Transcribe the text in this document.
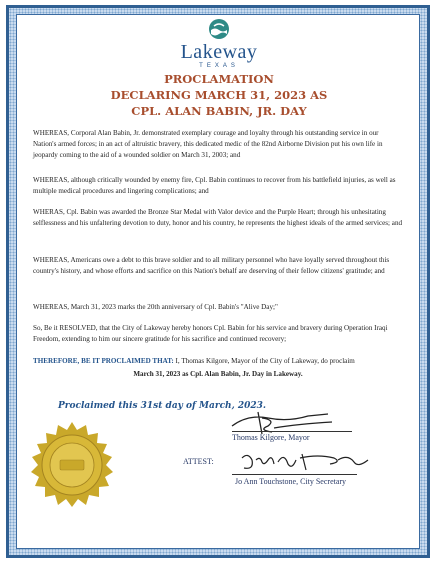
Lakeway
TEXAS
PROCLAMATION
DECLARING MARCH 31, 2023 AS
CPL. ALAN BABIN, JR. DAY

WHEREAS, Corporal Alan Babin, Jr. demonstrated exemplary courage and loyalty through his outstanding service in our Nation's armed forces; in an act of altruistic bravery, this dedicated medic of the 82nd Airborne Division put his own life in jeopardy coming to the aid of a wounded soldier on March 31, 2003; and

WHEREAS, although critically wounded by enemy fire, Cpl. Babin continues to recover from his battlefield injuries, as well as multiple medical procedures and lingering complications; and

WHERAS, Cpl. Babin was awarded the Bronze Star Medal with Valor device and the Purple Heart; through his unhesitating selflessness and his unfaltering devotion to duty, honor and his country, he represents the highest ideals of the armed services; and

WHEREAS, Americans owe a debt to this brave soldier and to all military personnel who have loyally served throughout this country's history, and whose efforts and sacrifice on this Nation's behalf are deserving of their fellow citizens' gratitude; and

WHEREAS, March 31, 2023 marks the 20th anniversary of Cpl. Babin's "Alive Day;"

So, Be it RESOLVED, that the City of Lakeway hereby honors Cpl. Babin for his service and bravery during Operation Iraqi Freedom, extending to him our sincere gratitude for his sacrifice and continued recovery;

THEREFORE, BE IT PROCLAIMED THAT: I, Thomas Kilgore, Mayor of the City of Lakeway, do proclaim

March 31, 2023 as Cpl. Alan Babin, Jr. Day in Lakeway.

Proclaimed this 31st day of March, 2023.
Thomas Kilgore, Mayor
ATTEST:
Jo Ann Touchstone, City Secretary
